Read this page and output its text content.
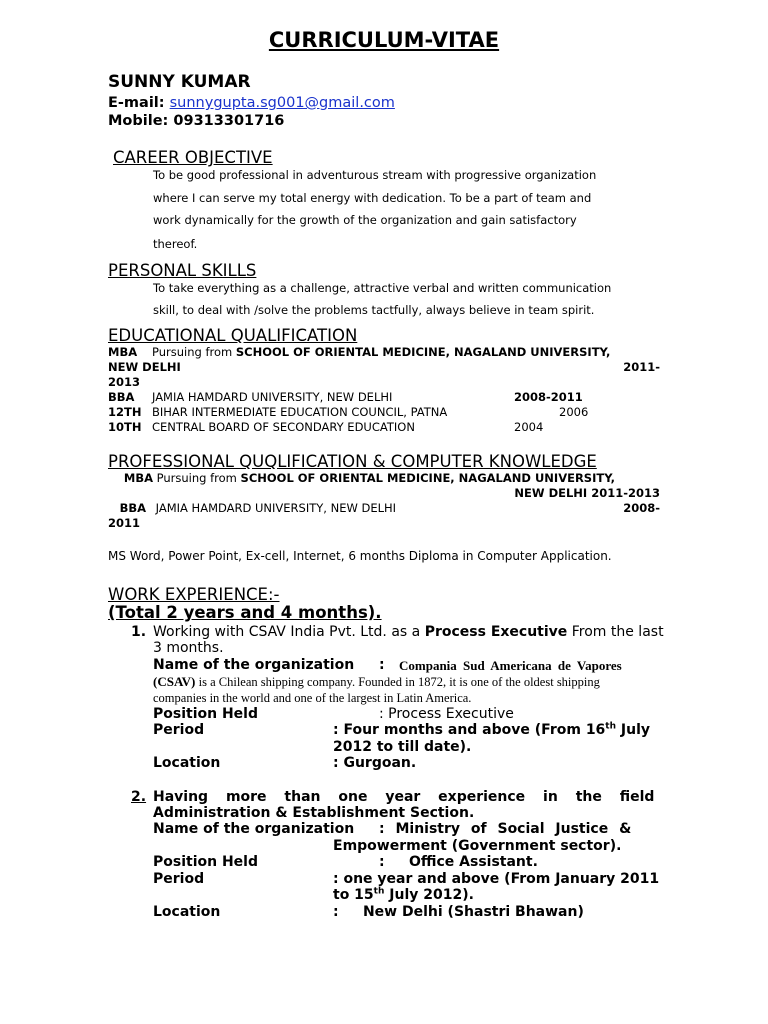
CURRICULUM-VITAE
SUNNY KUMAR
E-mail: sunnygupta.sg001@gmail.com
Mobile: 09313301716
CAREER OBJECTIVE
To be good professional in adventurous stream with progressive organization
where I can serve my total energy with dedication. To be a part of team and
work dynamically for the growth of the organization and gain satisfactory
thereof.
PERSONAL SKILLS
To take everything as a challenge, attractive verbal and written communication
skill, to deal with /solve the problems tactfully, always believe in team spirit.
EDUCATIONAL QUALIFICATION
MBA Pursuing from SCHOOL OF ORIENTAL MEDICINE, NAGALAND UNIVERSITY,
NEW DELHI	2011-
2013
BBA JAMIA HAMDARD UNIVERSITY, NEW DELHI	2008-2011
12TH BIHAR INTERMEDIATE EDUCATION COUNCIL, PATNA	2006
10TH CENTRAL BOARD OF SECONDARY EDUCATION	2004
PROFESSIONAL QUQLIFICATION & COMPUTER KNOWLEDGE
MBA Pursuing from SCHOOL OF ORIENTAL MEDICINE, NAGALAND UNIVERSITY,
NEW DELHI 2011-2013
BBA JAMIA HAMDARD UNIVERSITY, NEW DELHI	2008-
2011
MS Word, Power Point, Ex-cell, Internet, 6 months Diploma in Computer Application.
WORK EXPERIENCE:-
(Total 2 years and 4 months).
1. Working with CSAV India Pvt. Ltd. as a Process Executive From the last
3 months.
Name of the organization : Compania Sud Americana de Vapores
(CSAV) is a Chilean shipping company. Founded in 1872, it is one of the oldest shipping
companies in the world and one of the largest in Latin America.
Position Held	: Process Executive
Period	: Four months and above (From 16th July
2012 to till date).
Location	: Gurgoan.
2. Having more than one year experience in the field
Administration & Establishment Section.
Name of the organization : Ministry of Social Justice &
Empowerment (Government sector).
Position Held	:     Office Assistant.
Period	: one year and above (From January 2011
to 15th July 2012).
Location	:     New Delhi (Shastri Bhawan)
